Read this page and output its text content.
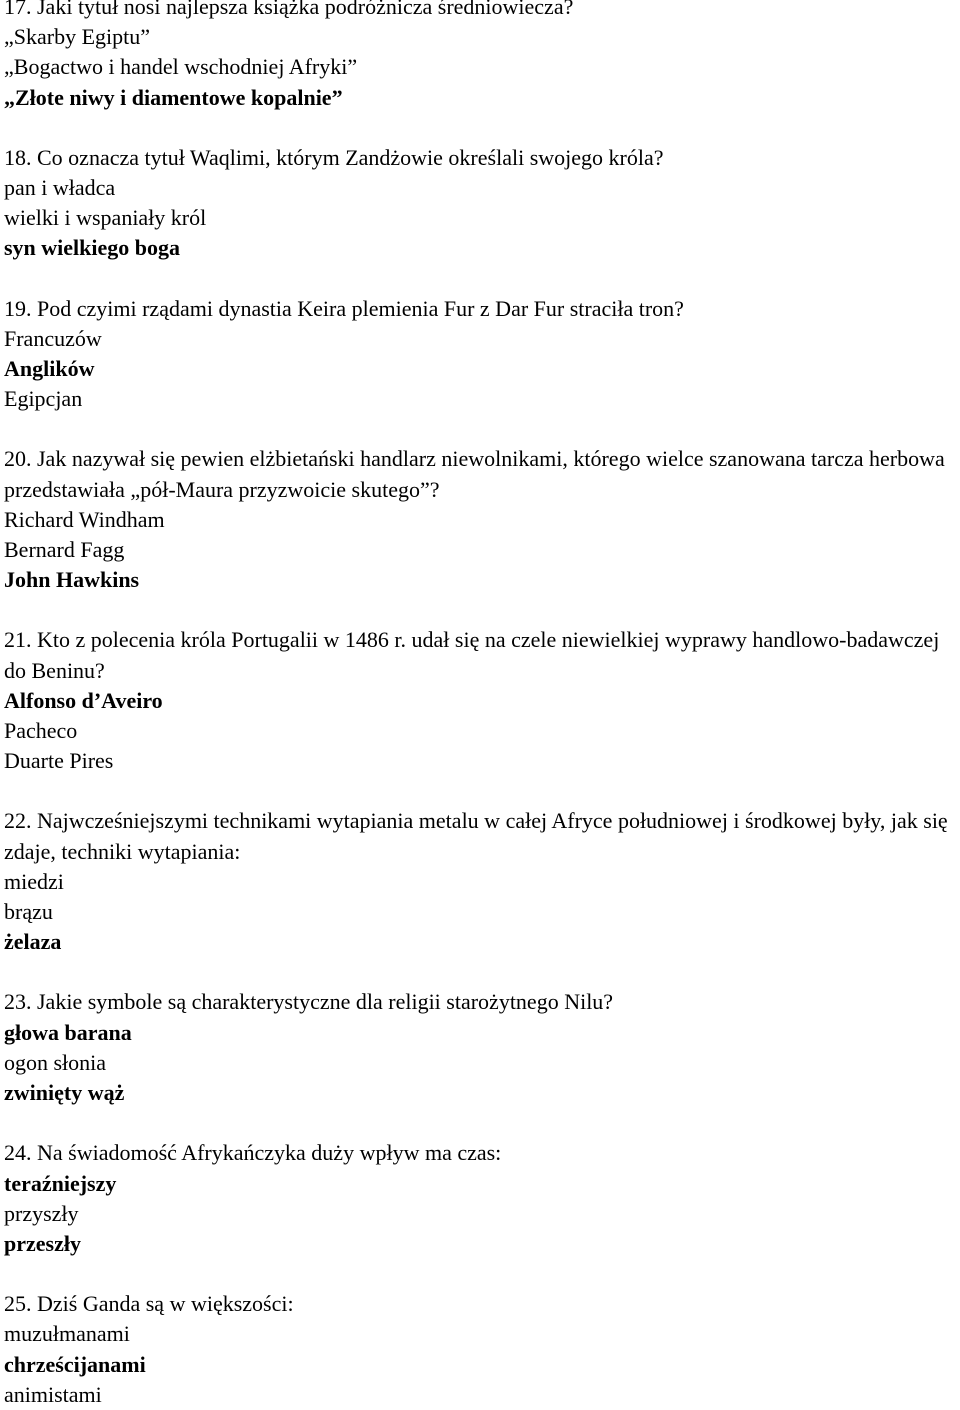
17. Jaki tytuł nosi najlepsza książka podróżnicza średniowiecza?
„Skarby Egiptu”
„Bogactwo i handel wschodniej Afryki”
„Złote niwy i diamentowe kopalnie”
18. Co oznacza tytuł Waqlimi, którym Zandżowie określali swojego króla?
pan i władca
wielki i wspaniały król
syn wielkiego boga
19. Pod czyimi rządami dynastia Keira plemienia Fur z Dar Fur straciła tron?
Francuzów
Anglików
Egipcjan
20. Jak nazywał się pewien elżbietański handlarz niewolnikami, którego wielce szanowana tarcza herbowa przedstawiała „pół-Maura przyzwoicie skutego”?
Richard Windham
Bernard Fagg
John Hawkins
21. Kto z polecenia króla Portugalii w 1486 r. udał się na czele niewielkiej wyprawy handlowo-badawczej do Beninu?
Alfonso d’Aveiro
Pacheco
Duarte Pires
22. Najwcześniejszymi technikami wytapiania metalu w całej Afryce południowej i środkowej były, jak się zdaje, techniki wytapiania:
miedzi
brązu
żelaza
23. Jakie symbole są charakterystyczne dla religii starożytnego Nilu?
głowa barana
ogon słonia
zwinięty wąż
24. Na świadomość Afrykańczyka duży wpływ ma czas:
teraźniejszy
przyszły
przeszły
25. Dziś Ganda są w większości:
muzułmanami
chrześcijanami
animistami
